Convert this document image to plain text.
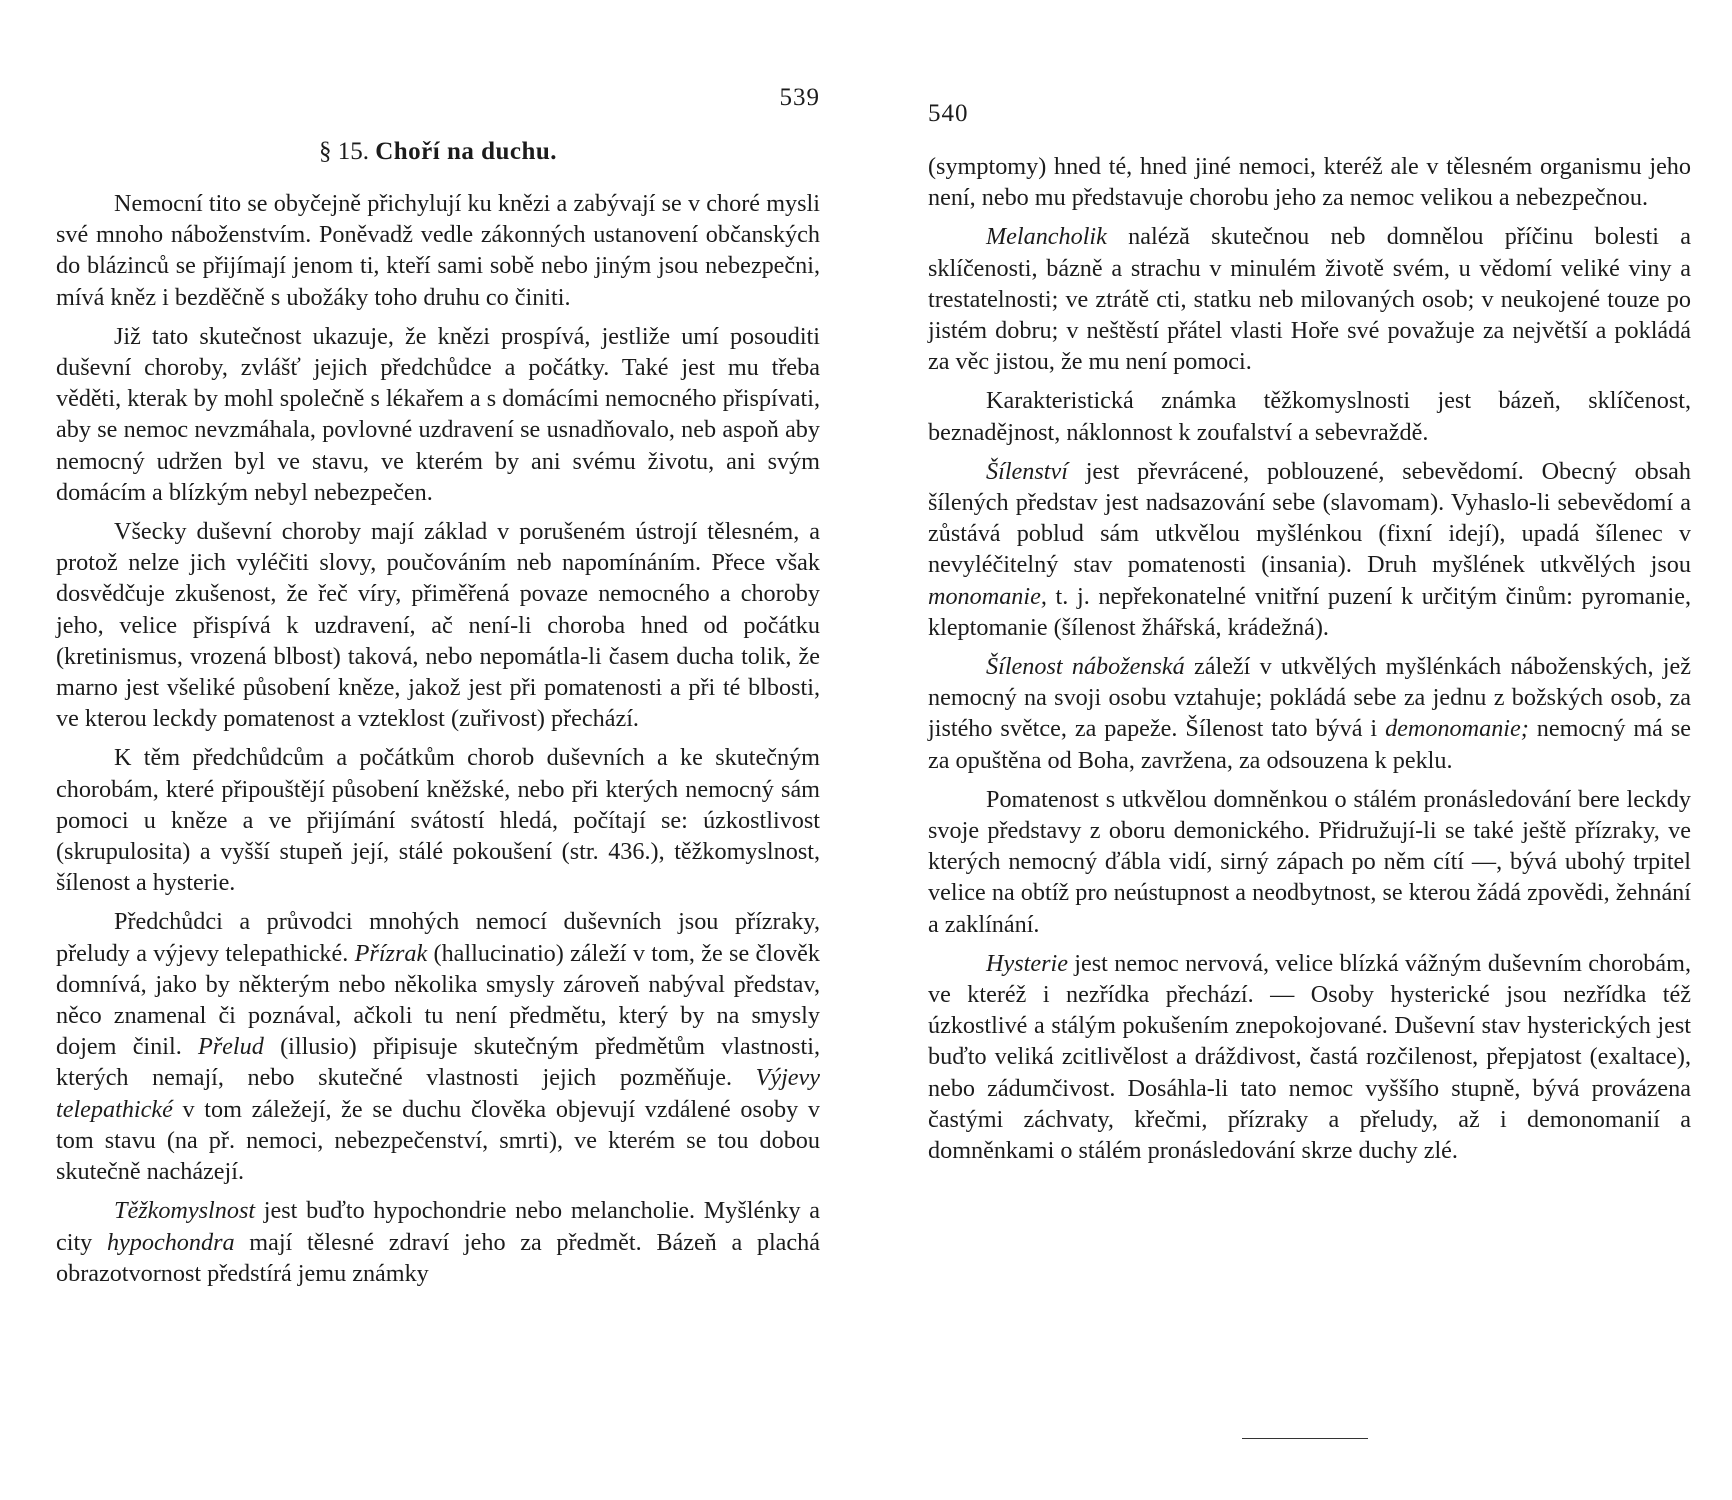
539
§ 15. Choří na duchu.

Nemocní tito se obyčejně přichylují ku knězi a zabývají se v choré mysli své mnoho náboženstvím. Poněvadž vedle zákonných ustanovení občanských do blázinců se přijímají jenom ti, kteří sami sobě nebo jiným jsou nebezpečni, mívá kněz i bezděčně s ubožáky toho druhu co činiti.

Již tato skutečnost ukazuje, že knězi prospívá, jestliže umí posouditi duševní choroby, zvlášť jejich předchůdce a počátky. Také jest mu třeba věděti, kterak by mohl společně s lékařem a s domácími nemocného přispívati, aby se nemoc nevzmáhala, povlovné uzdravení se usnadňovalo, neb aspoň aby nemocný udržen byl ve stavu, ve kterém by ani svému životu, ani svým domácím a blízkým nebyl nebezpečen.

Všecky duševní choroby mají základ v porušeném ústrojí tělesném, a protož nelze jich vyléčiti slovy, poučováním neb napomínáním. Přece však dosvědčuje zkušenost, že řeč víry, přiměřená povaze nemocného a choroby jeho, velice přispívá k uzdravení, ač není-li choroba hned od počátku (kretinismus, vrozená blbost) taková, nebo nepomátla-li časem ducha tolik, že marno jest všeliké působení kněze, jakož jest při pomatenosti a při té blbosti, ve kterou leckdy pomatenost a vzteklost (zuřivost) přechází.

K těm předchůdcům a počátkům chorob duševních a ke skutečným chorobám, které připouštějí působení kněžské, nebo při kterých nemocný sám pomoci u kněze a ve přijímání svátostí hledá, počítají se: úzkostlivost (skrupulosita) a vyšší stupeň její, stálé pokoušení (str. 436.), těžkomyslnost, šílenost a hysterie.

Předchůdci a průvodci mnohých nemocí duševních jsou přízraky, přeludy a výjevy telepathické. Přízrak (hallucinatio) záleží v tom, že se člověk domnívá, jako by některým nebo několika smysly zároveň nabýval představ, něco znamenal či poznával, ačkoli tu není předmětu, který by na smysly dojem činil. Přelud (illusio) připisuje skutečným předmětům vlastnosti, kterých nemají, nebo skutečné vlastnosti jejich pozměňuje. Výjevy telepathické v tom záležejí, že se duchu člověka objevují vzdálené osoby v tom stavu (na př. nemoci, nebezpečenství, smrti), ve kterém se tou dobou skutečně nacházejí.

Těžkomyslnost jest buďto hypochondrie nebo melancholie. Myšlénky a city hypochondra mají tělesné zdraví jeho za předmět. Bázeň a plachá obrazotvornost předstírá jemu známky

540

(symptomy) hned té, hned jiné nemoci, kteréž ale v tělesném organismu jeho není, nebo mu představuje chorobu jeho za nemoc velikou a nebezpečnou.

Melancholik naléză skutečnou neb domnělou příčinu bolesti a sklíčenosti, bázně a strachu v minulém životě svém, u vědomí veliké viny a trestatelnosti; ve ztrátě cti, statku neb milovaných osob; v neukojené touze po jistém dobru; v neštěstí přátel vlasti Hoře své považuje za největší a pokládá za věc jistou, že mu není pomoci.

Karakteristická známka těžkomyslnosti jest bázeň, sklíčenost, beznadějnost, náklonnost k zoufalství a sebevraždě.

Šílenství jest převrácené, poblouzené, sebevědomí. Obecný obsah šílených představ jest nadsazování sebe (slavomam). Vyhaslo-li sebevědomí a zůstává poblud sám utkvělou myšlénkou (fixní idejí), upadá šílenec v nevyléčitelný stav pomatenosti (insania). Druh myšlének utkvělých jsou monomanie, t. j. nepřekonatelné vnitřní puzení k určitým činům: pyromanie, kleptomanie (šílenost žhářská, krádežná).

Šílenost náboženská záleží v utkvělých myšlénkách náboženských, jež nemocný na svoji osobu vztahuje; pokládá sebe za jednu z božských osob, za jistého světce, za papeže. Šílenost tato bývá i demonomanie; nemocný má se za opuštěna od Boha, zavržena, za odsouzena k peklu.

Pomatenost s utkvělou domněnkou o stálém pronásledování bere leckdy svoje představy z oboru demonického. Přidružují-li se také ještě přízraky, ve kterých nemocný ďábla vidí, sirný zápach po něm cítí —, bývá ubohý trpitel velice na obtíž pro neústupnost a neodbytnost, se kterou žádá zpovědi, žehnání a zaklínání.

Hysterie jest nemoc nervová, velice blízká vážným duševním chorobám, ve kteréž i nezřídka přechází. — Osoby hysterické jsou nezřídka též úzkostlivé a stálým pokušením znepokojované. Duševní stav hysterických jest buďto veliká zcitlivělost a dráždivost, častá rozčilenost, přepjatost (exaltace), nebo zádumčivost. Dosáhla-li tato nemoc vyššího stupně, bývá provázena častými záchvaty, křečmi, přízraky a přeludy, až i demonomanií a domněnkami o stálém pronásledování skrze duchy zlé.
